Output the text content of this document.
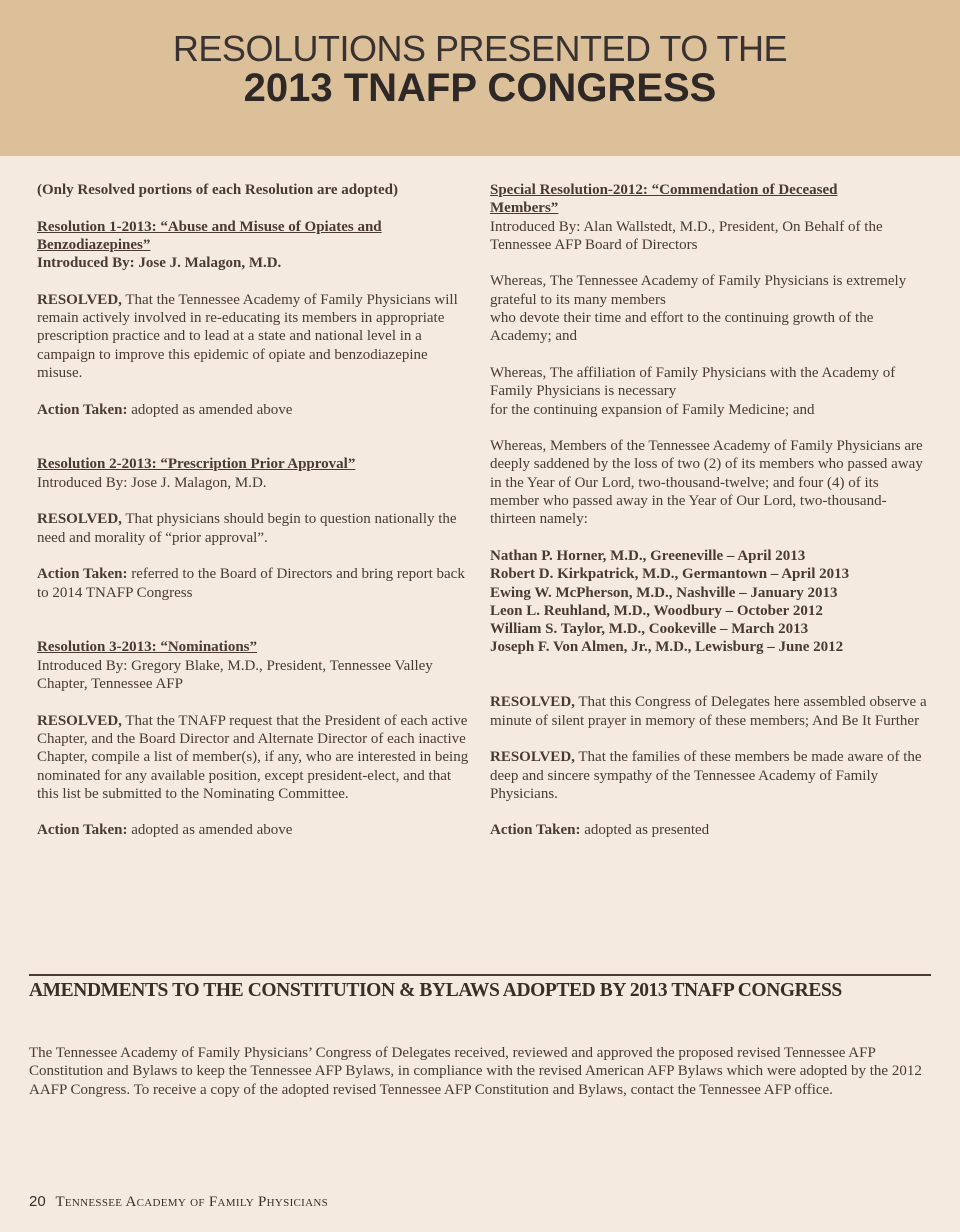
RESOLUTIONS PRESENTED TO THE
2013 TNAFP CONGRESS

(Only Resolved portions of each Resolution are adopted)

Resolution 1-2013: “Abuse and Misuse of Opiates and
Benzodiazepines”

Introduced By: Jose J. Malagon, M.D.

RESOLVED, That the Tennessee Academy of Family Physicians will remain actively involved in re-educating its members in appropriate prescription practice and to lead at a state and national level in a campaign to improve this epidemic of opiate and benzodiazepine misuse.

Action Taken: adopted as amended above

Resolution 2-2013: “Prescription Prior Approval”

Introduced By: Jose J. Malagon, M.D.

RESOLVED, That physicians should begin to question nationally the need and morality of “prior approval”.

Action Taken: referred to the Board of Directors and bring report back to 2014 TNAFP Congress

Resolution 3-2013: “Nominations”

Introduced By: Gregory Blake, M.D., President, Tennessee Valley Chapter, Tennessee AFP

RESOLVED, That the TNAFP request that the President of each active Chapter, and the Board Director and Alternate Director of each inactive Chapter, compile a list of member(s), if any, who are interested in being nominated for any available position, except president-elect, and that this list be submitted to the Nominating Committee.

Action Taken: adopted as amended above

Special Resolution-2012: “Commendation of Deceased
Members”

Introduced By: Alan Wallstedt, M.D., President, On Behalf of the Tennessee AFP Board of Directors

Whereas, The Tennessee Academy of Family Physicians is extremely grateful to its many members
who devote their time and effort to the continuing growth of the Academy; and

Whereas, The affiliation of Family Physicians with the Academy of Family Physicians is necessary
for the continuing expansion of Family Medicine; and

Whereas, Members of the Tennessee Academy of Family Physicians are deeply saddened by the loss of two (2) of its members who passed away in the Year of Our Lord, two-thousand-twelve; and four (4) of its member who passed away in the Year of Our Lord, two-thousand-thirteen namely:

Nathan P. Horner, M.D., Greeneville – April 2013

Robert D. Kirkpatrick, M.D., Germantown – April 2013

Ewing W. McPherson, M.D., Nashville – January 2013

Leon L. Reuhland, M.D., Woodbury – October 2012

William S. Taylor, M.D., Cookeville – March 2013

Joseph F. Von Almen, Jr., M.D., Lewisburg – June 2012

RESOLVED, That this Congress of Delegates here assembled observe a minute of silent prayer in memory of these members; And Be It Further

RESOLVED, That the families of these members be made aware of the deep and sincere sympathy of the Tennessee Academy of Family Physicians.

Action Taken: adopted as presented

AMENDMENTS TO THE CONSTITUTION & BYLAWS ADOPTED BY 2013 TNAFP CONGRESS

The Tennessee Academy of Family Physicians’ Congress of Delegates received, reviewed and approved the proposed revised Tennessee AFP Constitution and Bylaws to keep the Tennessee AFP Bylaws, in compliance with the revised American AFP Bylaws which were adopted by the 2012 AAFP Congress. To receive a copy of the adopted revised Tennessee AFP Constitution and Bylaws, contact the Tennessee AFP office.

20 Tennessee Academy of Family Physicians
